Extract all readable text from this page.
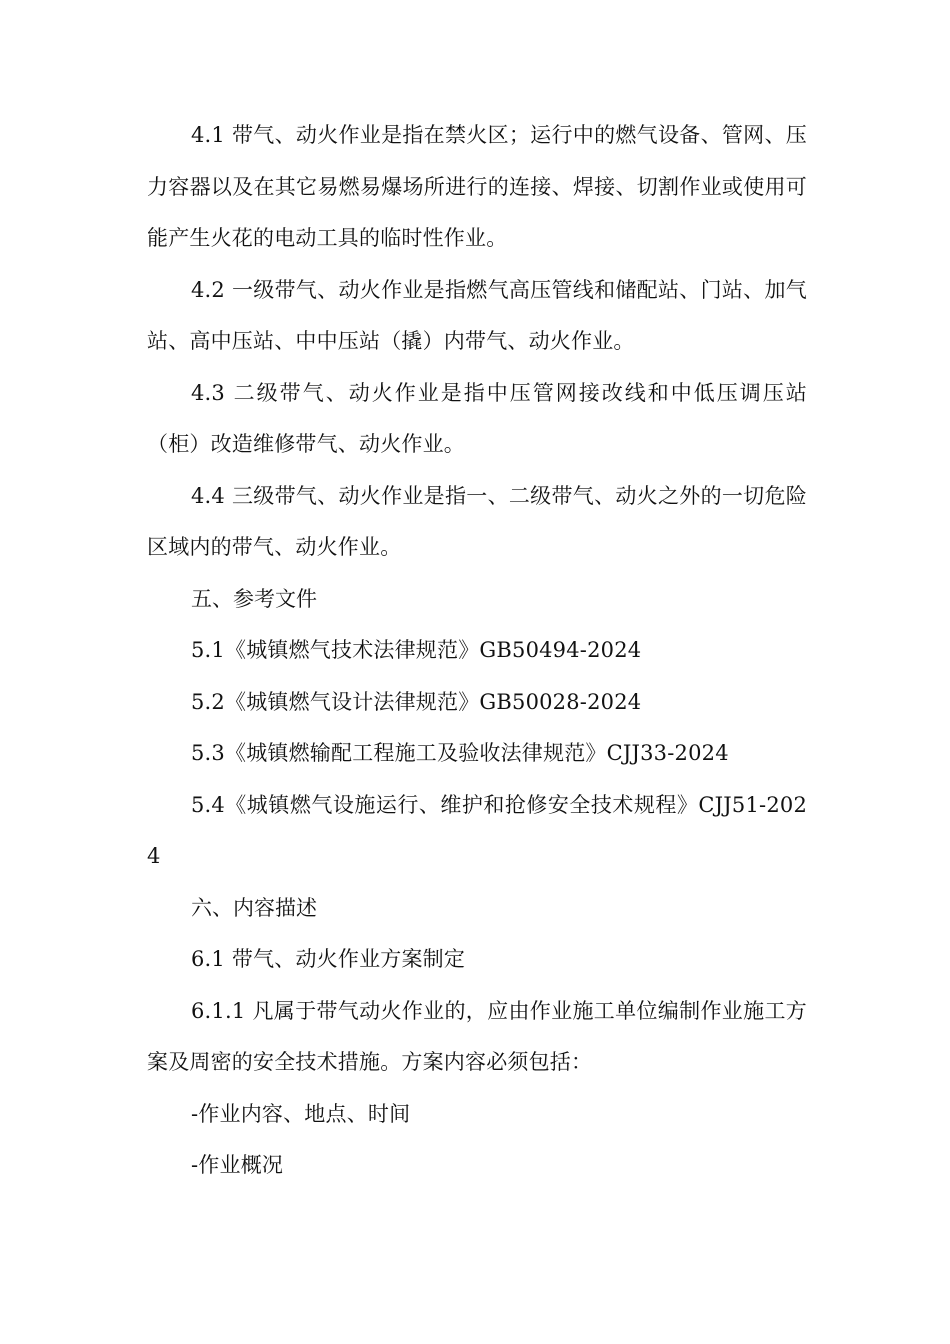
4.1 带气、动火作业是指在禁火区；运行中的燃气设备、管网、压力容器以及在其它易燃易爆场所进行的连接、焊接、切割作业或使用可能产生火花的电动工具的临时性作业。

4.2 一级带气、动火作业是指燃气高压管线和储配站、门站、加气站、高中压站、中中压站（撬）内带气、动火作业。

4.3 二级带气、动火作业是指中压管网接改线和中低压调压站（柜）改造维修带气、动火作业。

4.4 三级带气、动火作业是指一、二级带气、动火之外的一切危险区域内的带气、动火作业。

五、参考文件

5.1《城镇燃气技术法律规范》GB50494-2024

5.2《城镇燃气设计法律规范》GB50028-2024

5.3《城镇燃输配工程施工及验收法律规范》CJJ33-2024

5.4《城镇燃气设施运行、维护和抢修安全技术规程》CJJ51-2024

六、内容描述

6.1 带气、动火作业方案制定

6.1.1 凡属于带气动火作业的，应由作业施工单位编制作业施工方案及周密的安全技术措施。方案内容必须包括：

-作业内容、地点、时间

-作业概况
